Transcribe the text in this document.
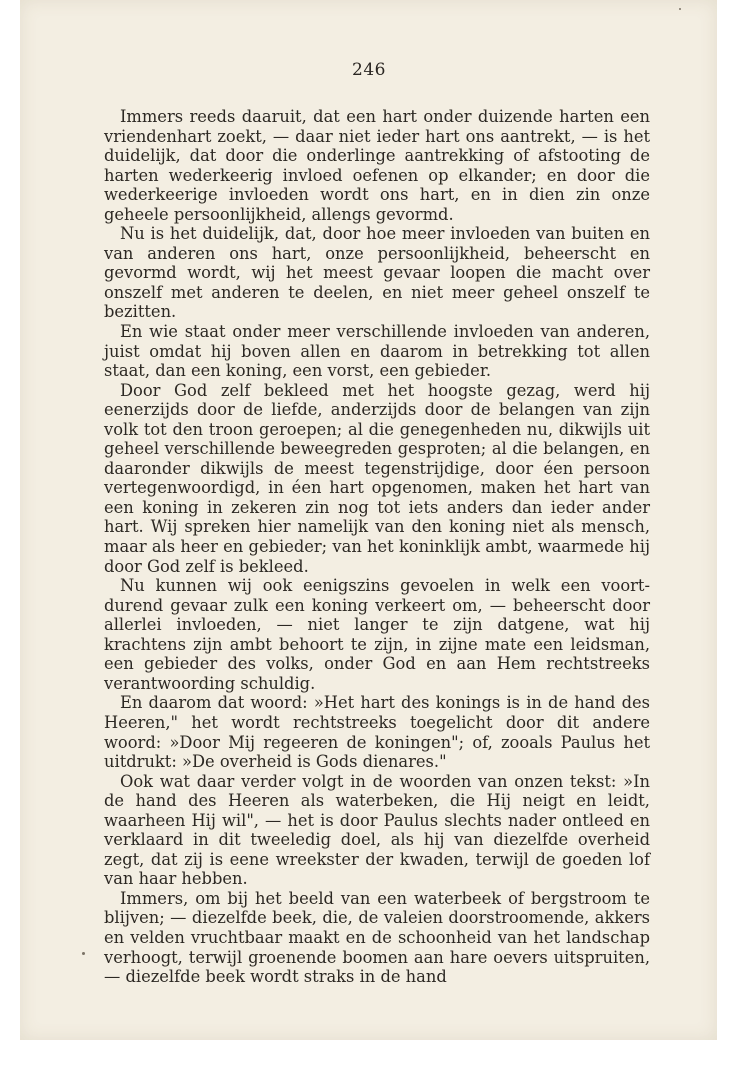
246

Immers reeds daaruit, dat een hart onder duizende harten een vriendenhart zoekt, — daar niet ieder hart ons aantrekt, — is het duidelijk, dat door die onderlinge aantrekking of afstooting de harten wederkeerig invloed oefenen op elkander; en door die wederkeerige invloeden wordt ons hart, en in dien zin onze geheele persoonlijkheid, allengs gevormd.

Nu is het duidelijk, dat, door hoe meer invloeden van buiten en van anderen ons hart, onze persoonlijkheid, beheerscht en gevormd wordt, wij het meest gevaar loopen die macht over onszelf met anderen te deelen, en niet meer geheel onszelf te bezitten.

En wie staat onder meer verschillende invloeden van anderen, juist omdat hij boven allen en daarom in betrekking tot allen staat, dan een koning, een vorst, een gebieder.

Door God zelf bekleed met het hoogste gezag, werd hij eenerzijds door de liefde, anderzijds door de belangen van zijn volk tot den troon geroepen; al die genegenheden nu, dikwijls uit geheel verschillende beweegreden gesproten; al die belangen, en daaronder dikwijls de meest tegenstrijdige, door éen persoon vertegenwoordigd, in éen hart opgenomen, maken het hart van een koning in zekeren zin nog tot iets anders dan ieder ander hart. Wij spreken hier namelijk van den koning niet als mensch, maar als heer en gebieder; van het koninklijk ambt, waarmede hij door God zelf is bekleed.

Nu kunnen wij ook eenigszins gevoelen in welk een voortdurend gevaar zulk een koning verkeert om, — beheerscht door allerlei invloeden, — niet langer te zijn datgene, wat hij krachtens zijn ambt behoort te zijn, in zijne mate een leidsman, een gebieder des volks, onder God en aan Hem rechtstreeks verantwoording schuldig.

En daarom dat woord: »Het hart des konings is in de hand des Heeren," het wordt rechtstreeks toegelicht door dit andere woord: »Door Mij regeeren de koningen"; of, zooals Paulus het uitdrukt: »De overheid is Gods dienares."

Ook wat daar verder volgt in de woorden van onzen tekst: »In de hand des Heeren als waterbeken, die Hij neigt en leidt, waarheen Hij wil", — het is door Paulus slechts nader ontleed en verklaard in dit tweeledig doel, als hij van diezelfde overheid zegt, dat zij is eene wreekster der kwaden, terwijl de goeden lof van haar hebben.

Immers, om bij het beeld van een waterbeek of bergstroom te blijven; — diezelfde beek, die, de valeien doorstroomende, akkers en velden vruchtbaar maakt en de schoonheid van het landschap verhoogt, terwijl groenende boomen aan hare oevers uitspruiten, — diezelfde beek wordt straks in de hand
